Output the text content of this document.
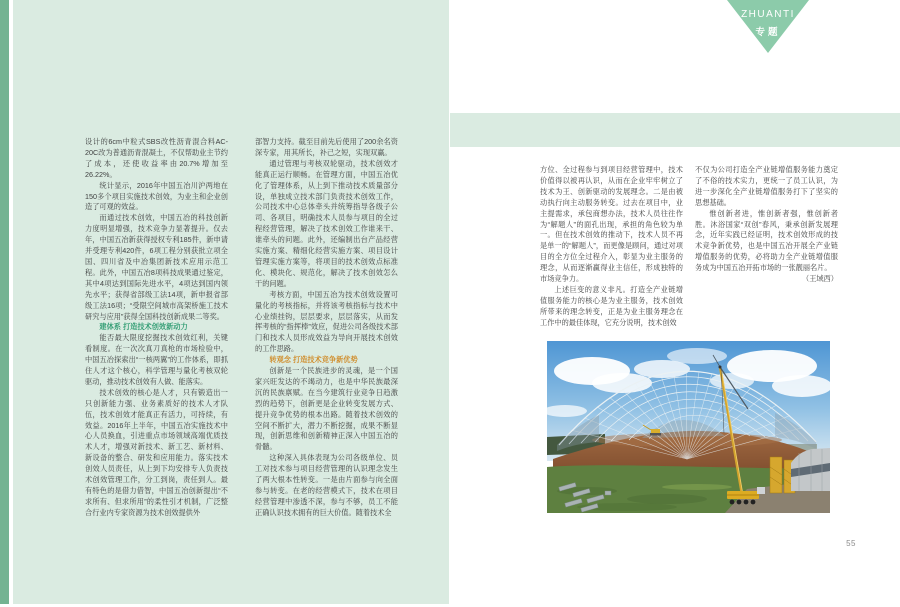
ZHUANTI
专题

设计的6cm中粒式SBS改性沥青混合料AC-20C改为普通沥青混凝土，不仅帮助业主节约了成本，还使收益率由20.7%增加至26.22%。

统计显示，2016年中国五冶川沪两地在150多个项目实施技术创效，为业主和企业创造了可观的效益。

而通过技术创效，中国五冶的科技创新力度明显增强，技术竞争力显著提升。仅去年，中国五冶新获得授权专利185件，新申请并受理专利420件，6项工程分别获批立项全国、四川省及中冶集团新技术应用示范工程。此外，中国五冶8项科技成果通过鉴定，其中4项达到国际先进水平，4项达到国内领先水平；获得省部级工法14项，新申报省部级工法16项；“受限空间城市高架桥施工技术研究与应用”获得全国科技创新成果二等奖。

建体系 打造技术创效新动力

能否最大限度挖掘技术创效红利，关键看制度。在一次次真刀真枪的市场检验中，中国五冶探索出“一核两翼”的工作体系，即抓住人才这个核心，科学管理与量化考核双轮驱动，推动技术创效有人做、能落实。

技术创效的核心是人才，只有锻造出一只创新能力强、业务素质好的技术人才队伍，技术创效才能真正有活力，可持续，有效益。2016年上半年，中国五冶实施技术中心人员换血，引进重点市场领域高端优质技术人才，增强对新技术、新工艺、新材料、新设备的整合、研发和应用能力。落实技术创效人员责任，从上到下均安排专人负责技术创效管理工作，分工到岗，责任到人。最有特色的是借力借智，中国五冶创新提出“不求所有、但求所用”的柔性引才机制，广泛整合行业内专家资源为技术创效提供外

部智力支持。截至目前先后使用了200余名资深专家，用其所长，补己之短，实现双赢。

通过管理与考核双轮驱动，技术创效才能真正运行顺畅。在管理方面，中国五冶优化了管理体系，从上到下推动技术质量部分设，单独成立技术部门负责技术创效工作，公司技术中心总体牵头并统筹指导各级子公司、各项目，明确技术人员参与项目的全过程经营管理，解决了技术创效工作谁来干、谁牵头的问题。此外，还编制出台产品经营实施方案、精细化经营实施方案、项目设计管理实施方案等，将项目的技术创效点标准化、模块化、规范化，解决了技术创效怎么干的问题。

考核方面，中国五冶为技术创效设置可量化的考核指标，并将该考核指标与技术中心业绩挂钩，层层要求，层层落实，从而发挥考核的“指挥棒”效应，促进公司各级技术部门和技术人员形成效益为导向开展技术创效的工作思路。

转观念 打造技术竞争新优势

创新是一个民族进步的灵魂，是一个国家兴旺发达的不竭动力，也是中华民族最深沉的民族禀赋。在当今建筑行业竞争日趋激烈的趋势下，创新更是企业转变发展方式、提升竞争优势的根本出路。随着技术创效的空间不断扩大，潜力不断挖掘，成果不断显现，创新思维和创新精神正深入中国五冶的骨髓。

这种深入具体表现为公司各级单位、员工对技术参与项目经营管理的认识理念发生了两大根本性转变。一是由片面参与向全面参与转变。在老的经营模式下，技术在项目经营管理中渗透不深，参与不够，员工不能正确认识技术拥有的巨大价值。随着技术全

方位、全过程参与到项目经营管理中，技术价值得以被再认识，从而在企业牢牢树立了技术为王、创新驱动的发展理念。二是由被动执行向主动服务转变。过去在项目中，业主提需求，承包商想办法，技术人员往往作为“解题人”的面孔出现，承担的角色较为单一。但在技术创效的推动下，技术人员不再是单一的“解题人”，而更像是顾问，通过对项目的全方位全过程介入，彰显为业主服务的理念，从而逐渐赢得业主信任，形成独特的市场竞争力。

上述巨变的意义非凡。打造全产业链增值服务能力的核心是为业主服务，技术创效所带来的理念转变，正是为业主服务理念在工作中的最佳体现，它充分说明，技术创效

不仅为公司打造全产业链增值服务能力奠定了不俗的技术实力，更统一了员工认识，为进一步深化全产业链增值服务打下了坚实的思想基础。

惟创新者进，惟创新者强，惟创新者胜。沐浴国家“双创”春风，秉承创新发展理念，近年实践已经证明，技术创效形成的技术竞争新优势，也是中国五冶开展全产业链增值服务的优势，必将助力全产业链增值服务成为中国五冶开拓市场的一张靓丽名片。

（王域西）

55
